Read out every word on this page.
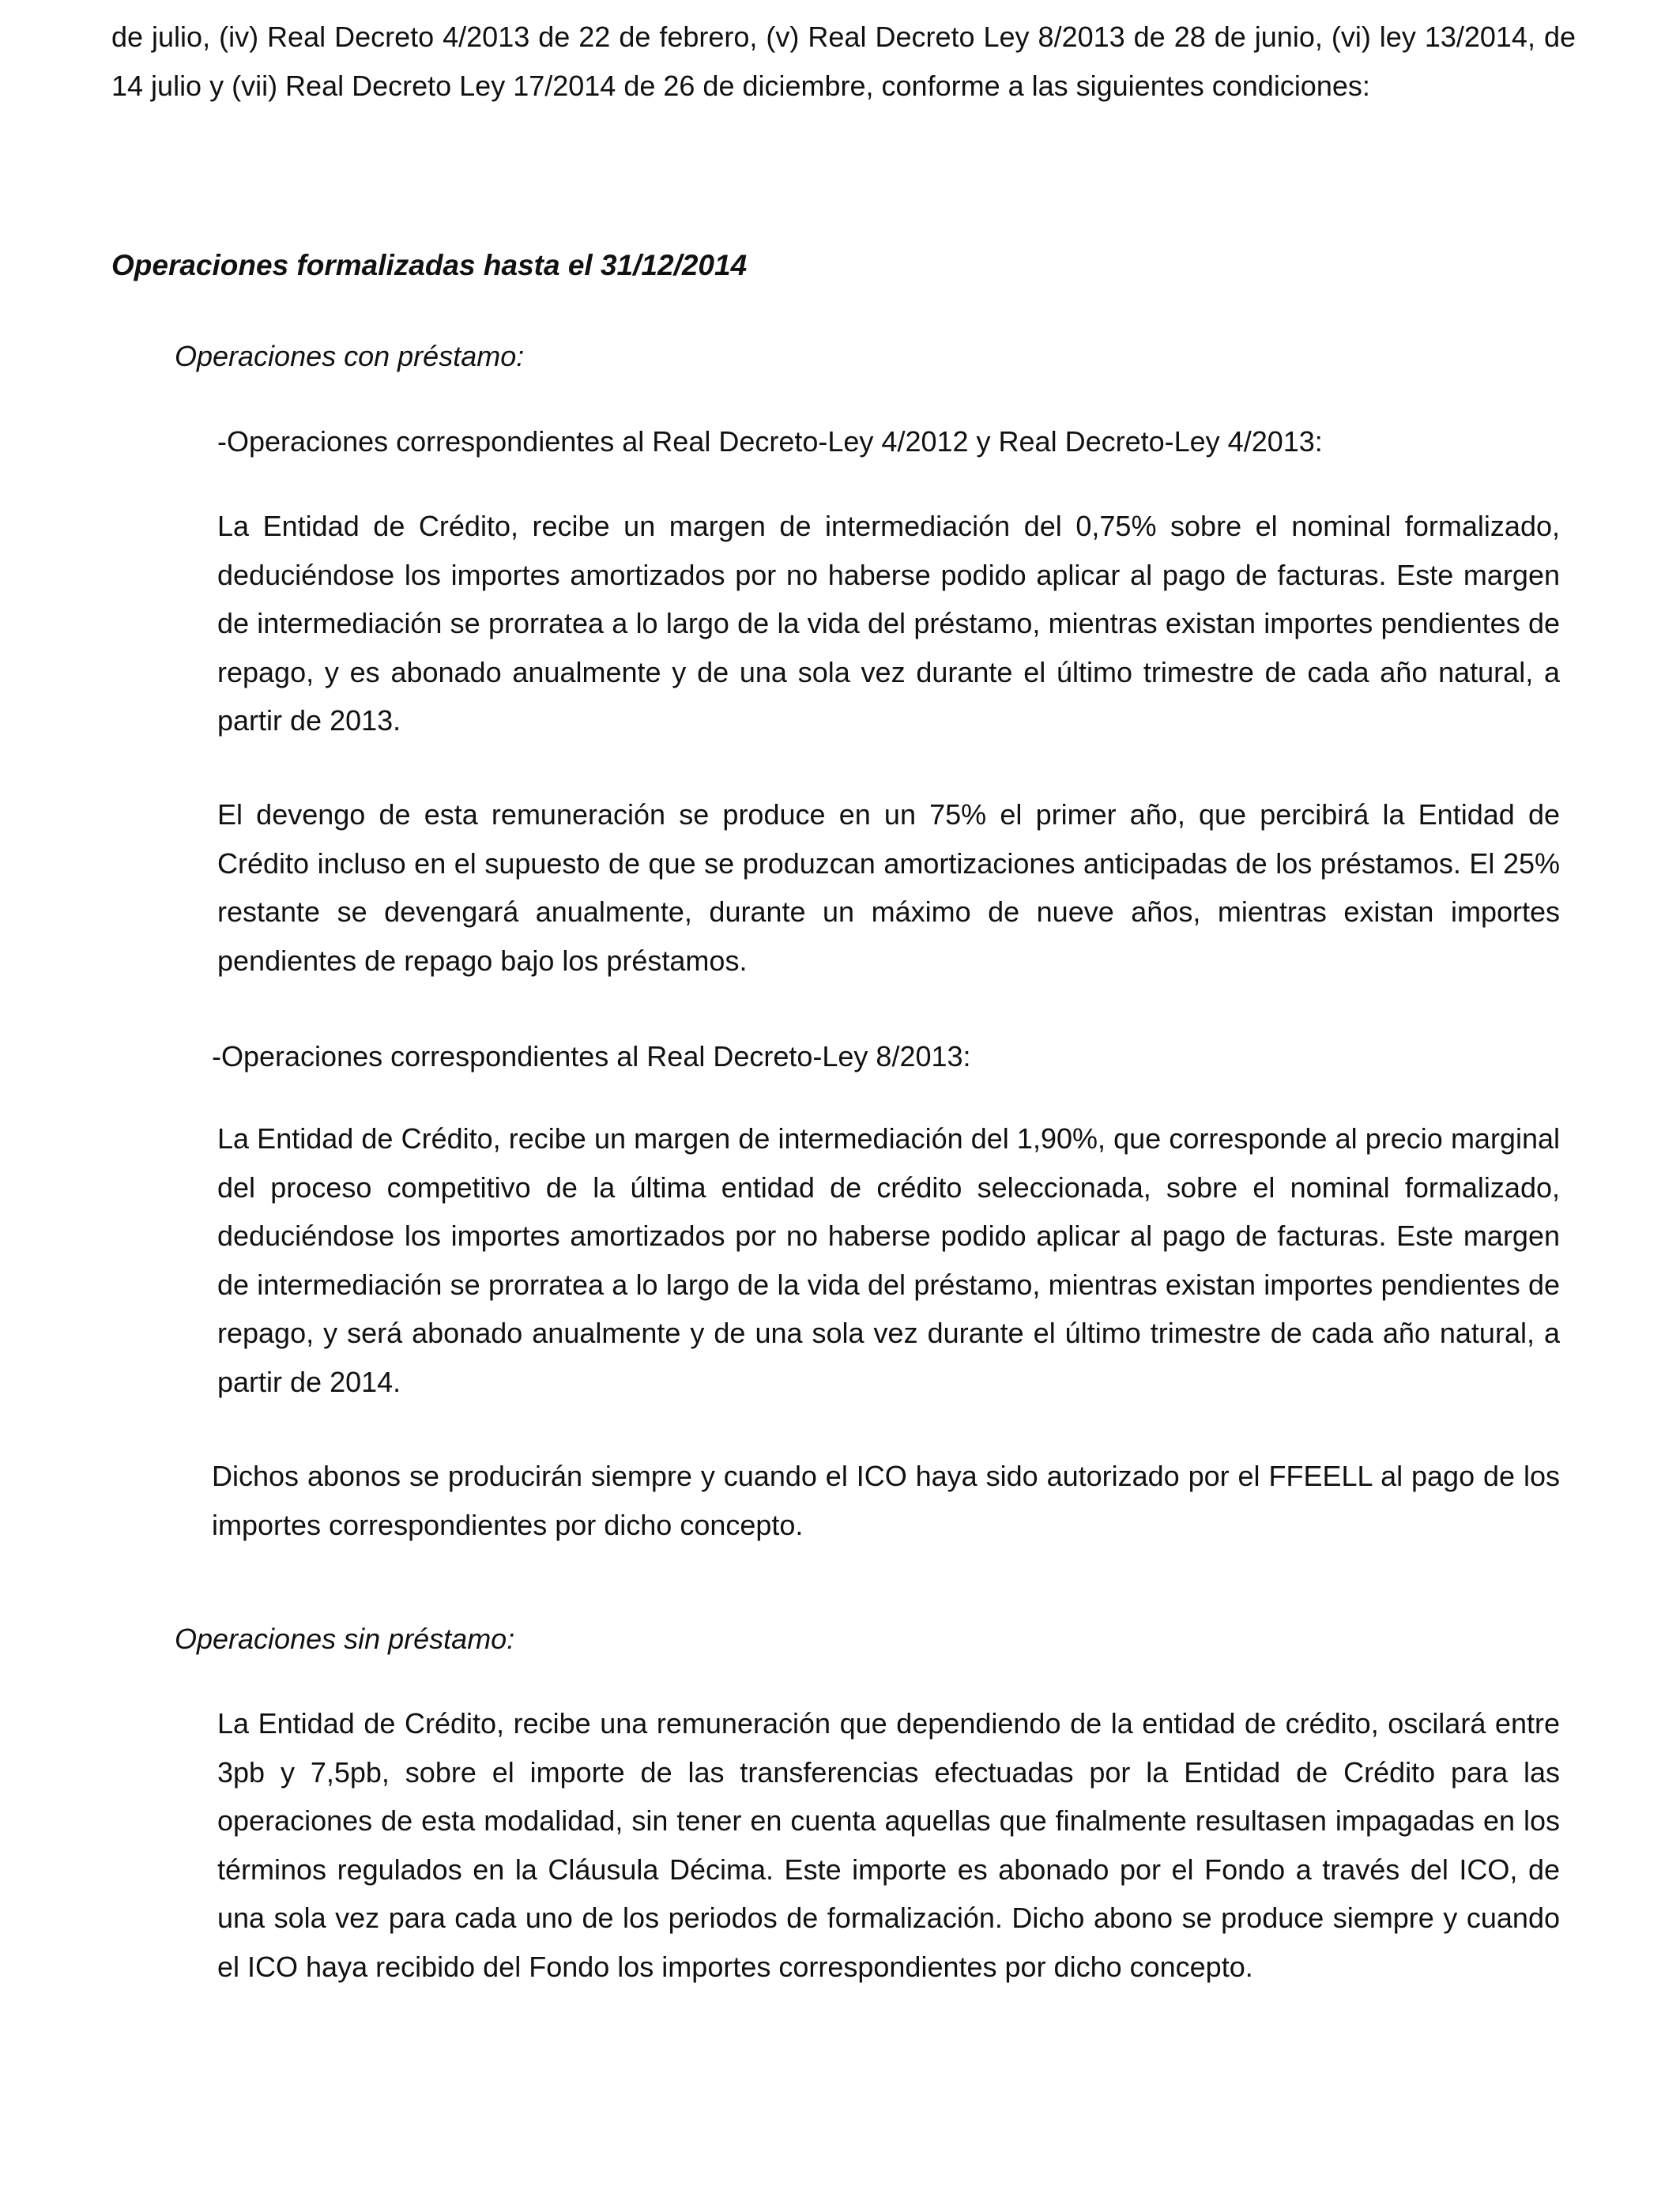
de julio, (iv) Real Decreto 4/2013 de 22 de febrero, (v) Real Decreto Ley 8/2013 de 28 de junio, (vi) ley 13/2014, de 14 julio y (vii) Real Decreto Ley 17/2014 de 26 de diciembre, conforme a las siguientes condiciones:

Operaciones formalizadas hasta el 31/12/2014

Operaciones con préstamo:

-Operaciones correspondientes al Real Decreto-Ley 4/2012 y Real Decreto-Ley 4/2013:

La Entidad de Crédito, recibe un margen de intermediación del 0,75% sobre el nominal formalizado, deduciéndose los importes amortizados por no haberse podido aplicar al pago de facturas. Este margen de intermediación se prorratea a lo largo de la vida del préstamo, mientras existan importes pendientes de repago, y es abonado anualmente y de una sola vez durante el último trimestre de cada año natural, a partir de 2013.

El devengo de esta remuneración se produce en un 75% el primer año, que percibirá la Entidad de Crédito incluso en el supuesto de que se produzcan amortizaciones anticipadas de los préstamos. El 25% restante se devengará anualmente, durante un máximo de nueve años, mientras existan importes pendientes de repago bajo los préstamos.

-Operaciones correspondientes al Real Decreto-Ley 8/2013:

La Entidad de Crédito, recibe un margen de intermediación del 1,90%, que corresponde al precio marginal del proceso competitivo de la última entidad de crédito seleccionada, sobre el nominal formalizado, deduciéndose los importes amortizados por no haberse podido aplicar al pago de facturas. Este margen de intermediación se prorratea a lo largo de la vida del préstamo, mientras existan importes pendientes de repago, y será abonado anualmente y de una sola vez durante el último trimestre de cada año natural, a partir de 2014.

Dichos abonos se producirán siempre y cuando el ICO haya sido autorizado por el FFEELL al pago de los importes correspondientes por dicho concepto.

Operaciones sin préstamo:

La Entidad de Crédito, recibe una remuneración que dependiendo de la entidad de crédito, oscilará entre 3pb y 7,5pb, sobre el importe de las transferencias efectuadas por la Entidad de Crédito para las operaciones de esta modalidad, sin tener en cuenta aquellas que finalmente resultasen impagadas en los términos regulados en la Cláusula Décima. Este importe es abonado por el Fondo a través del ICO, de una sola vez para cada uno de los periodos de formalización. Dicho abono se produce siempre y cuando el ICO haya recibido del Fondo los importes correspondientes por dicho concepto.
